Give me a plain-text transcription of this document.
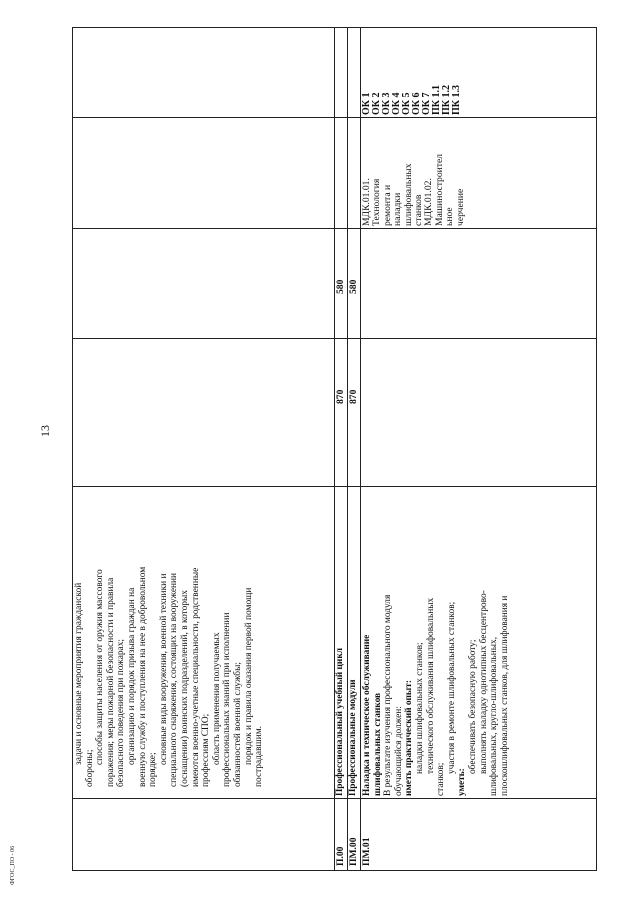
13
ФГОС_ПО - 06
задачи и основные мероприятия гражданской
обороны;
способы защиты населения от оружия массового поражения; меры пожарной безопасности и правила безопасного поведения при пожарах; организацию и порядок призыва граждан на военную службу и поступления на нее в добровольном порядке;
основные виды вооружения, военной техники и специального снаряжения, состоящих на вооружении (оснащении) воинских подразделений, в которых имеются военно-учетные специальности, родственные профессиям СПО; область применения получаемых профессиональных знаний при исполнении обязанностей военной службы; порядок и правила оказания первой помощи пострадавшим.
П.00
Профессиональный учебный цикл
870
580
ПМ.00
Профессиональные модули
870
580
ПМ.01
Наладка и техническое обслуживание шлифовальных станков В результате изучения профессионального модуля обучающийся должен: иметь практический опыт: наладки шлифовальных станков; технического обслуживания шлифовальных
станков;
участия в ремонте шлифовальных станков;
уметь:
обеспечивать безопасную работу; выполнять наладку однотипных бесцентрово- шлифовальных, кругло-шлифовальных, плоскошлифовальных станков, для шлифования и
МДК.01.01. Технология ремонта и наладки шлифовальных станков МДК.01.02. Машиностроител ьное черчение
ОК 1 ОК 2 ОК 3 ОК 4 ОК 5 ОК 6 ОК 7 ПК 1.1 ПК 1.2 ПК 1.3
